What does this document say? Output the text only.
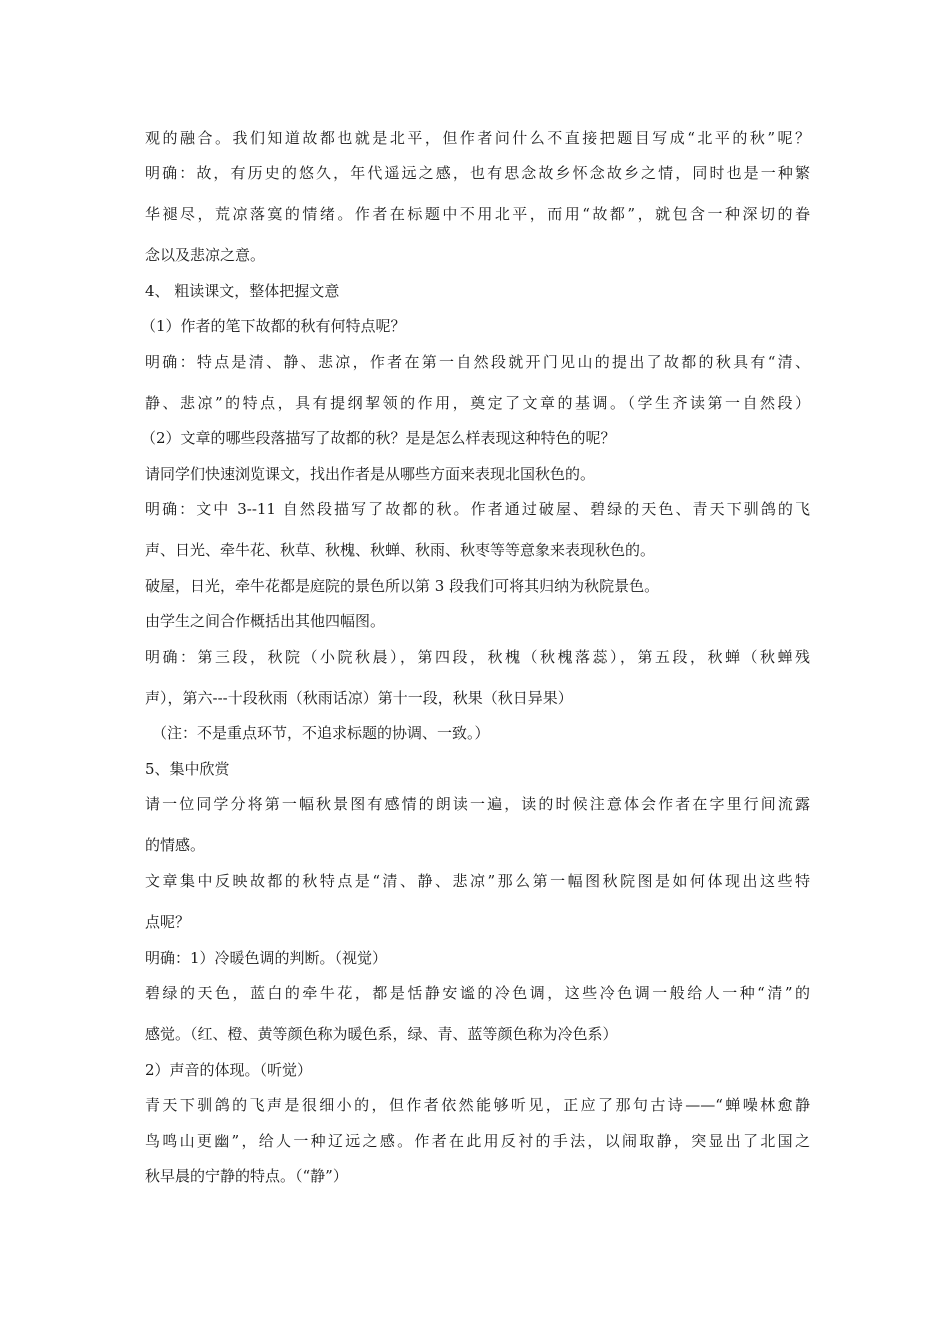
观的融合。我们知道故都也就是北平，但作者问什么不直接把题目写成“北平的秋”呢？
明确：故，有历史的悠久，年代遥远之感，也有思念故乡怀念故乡之情，同时也是一种繁
华褪尽，荒凉落寞的情绪。作者在标题中不用北平，而用“故都”，就包含一种深切的眷
念以及悲凉之意。
4、 粗读课文，整体把握文意
（1）作者的笔下故都的秋有何特点呢？
明确：特点是清、静、悲凉，作者在第一自然段就开门见山的提出了故都的秋具有“清、
静、悲凉”的特点，具有提纲挈领的作用，奠定了文章的基调。（学生齐读第一自然段）
（2）文章的哪些段落描写了故都的秋？是是怎么样表现这种特色的呢？
请同学们快速浏览课文，找出作者是从哪些方面来表现北国秋色的。
明确：文中 3--11 自然段描写了故都的秋。作者通过破屋、碧绿的天色、青天下驯鸽的飞
声、日光、牵牛花、秋草、秋槐、秋蝉、秋雨、秋枣等等意象来表现秋色的。
破屋，日光，牵牛花都是庭院的景色所以第 3 段我们可将其归纳为秋院景色。
由学生之间合作概括出其他四幅图。
明确：第三段，秋院（小院秋晨），第四段，秋槐（秋槐落蕊），第五段，秋蝉（秋蝉残
声），第六---十段秋雨（秋雨话凉）第十一段，秋果（秋日异果）
（注：不是重点环节，不追求标题的协调、一致。）
5、集中欣赏
请一位同学分将第一幅秋景图有感情的朗读一遍，读的时候注意体会作者在字里行间流露
的情感。
文章集中反映故都的秋特点是“清、静、悲凉”那么第一幅图秋院图是如何体现出这些特
点呢？
明确：1）冷暖色调的判断。（视觉）
碧绿的天色，蓝白的牵牛花，都是恬静安谧的冷色调，这些冷色调一般给人一种“清”的
感觉。（红、橙、黄等颜色称为暖色系，绿、青、蓝等颜色称为冷色系）
2）声音的体现。（听觉）
青天下驯鸽的飞声是很细小的，但作者依然能够听见，正应了那句古诗——“蝉噪林愈静
鸟鸣山更幽”，给人一种辽远之感。作者在此用反衬的手法，以闹取静，突显出了北国之
秋早晨的宁静的特点。（“静”）
